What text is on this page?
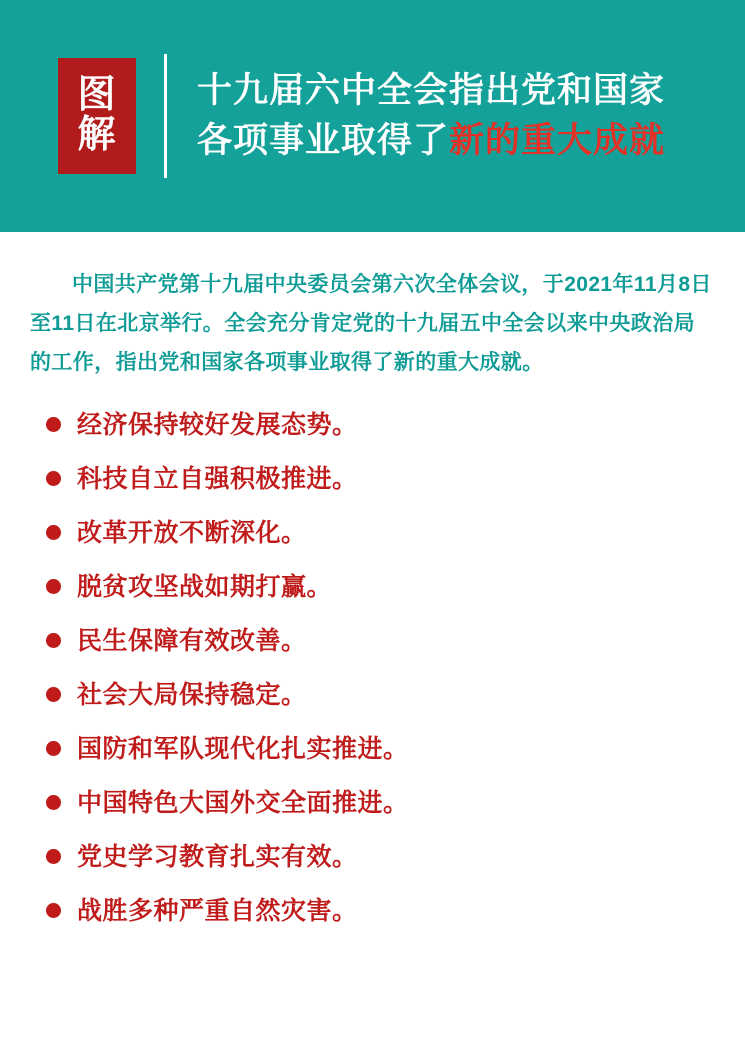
图
解
十九届六中全会指出党和国家
各项事业取得了新的重大成就

中国共产党第十九届中央委员会第六次全体会议，于2021年11月8日至11日在北京举行。全会充分肯定党的十九届五中全会以来中央政治局的工作，指出党和国家各项事业取得了新的重大成就。

经济保持较好发展态势。
科技自立自强积极推进。
改革开放不断深化。
脱贫攻坚战如期打赢。
民生保障有效改善。
社会大局保持稳定。
国防和军队现代化扎实推进。
中国特色大国外交全面推进。
党史学习教育扎实有效。
战胜多种严重自然灾害。
